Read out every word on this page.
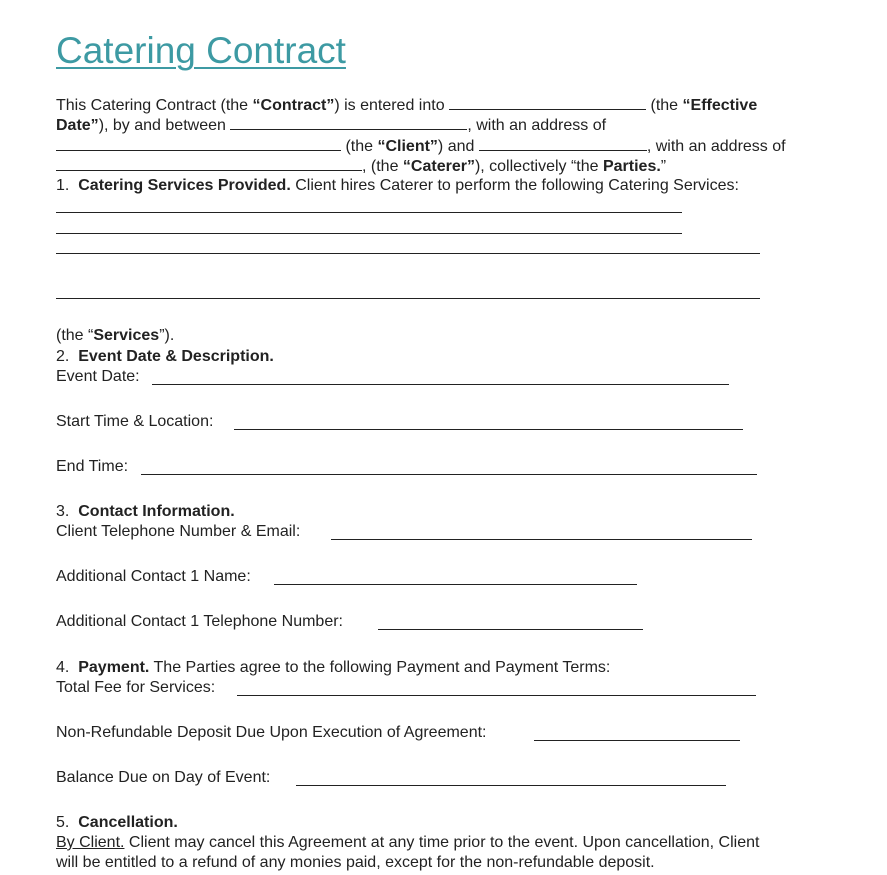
Catering Contract
This Catering Contract (the “Contract”) is entered into	(the “Effective
Date”), by and between	, with an address of
(the “Client”) and	, with an address of
, (the “Caterer”), collectively “the Parties.”
1. Catering Services Provided. Client hires Caterer to perform the following Catering Services:
(the “Services”).
2. Event Date & Description.
Event Date:
Start Time & Location:
End Time:
3. Contact Information.
Client Telephone Number & Email:
Additional Contact 1 Name:
Additional Contact 1 Telephone Number:
4. Payment. The Parties agree to the following Payment and Payment Terms:
Total Fee for Services:
Non-Refundable Deposit Due Upon Execution of Agreement:
Balance Due on Day of Event:
5. Cancellation.
By Client. Client may cancel this Agreement at any time prior to the event. Upon cancellation, Client
will be entitled to a refund of any monies paid, except for the non-refundable deposit.
